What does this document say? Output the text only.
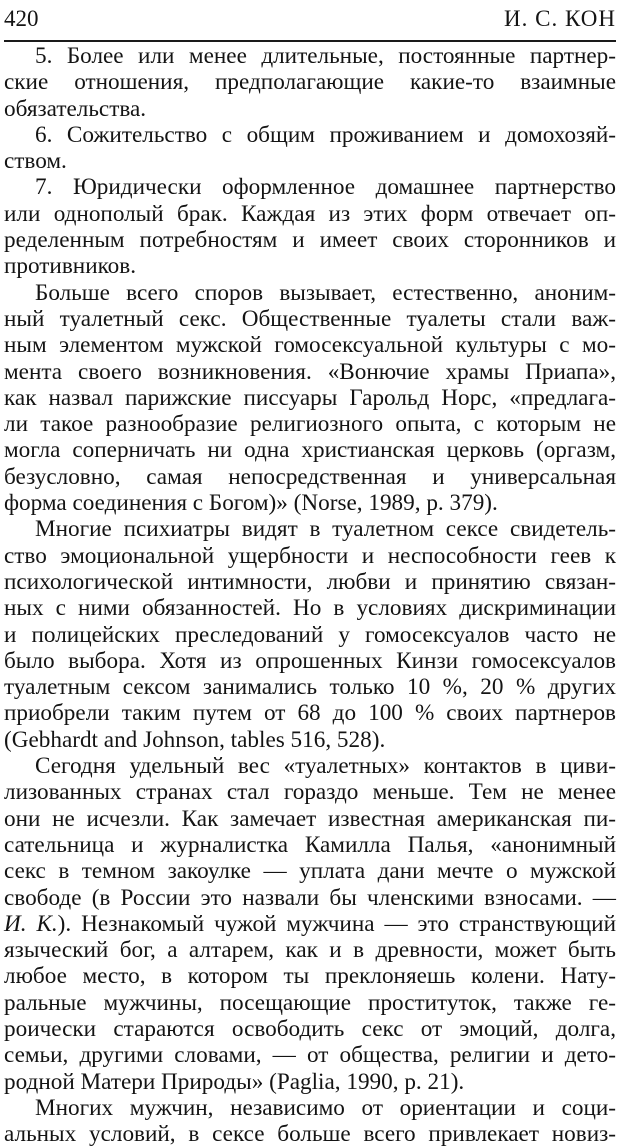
420	И. С. КОН
5. Более или менее длительные, постоянные партнер-
ские отношения, предполагающие какие-то взаимные
обязательства.
6. Сожительство с общим проживанием и домохозяй-
ством.
7. Юридически оформленное домашнее партнерство
или однополый брак. Каждая из этих форм отвечает оп-
ределенным потребностям и имеет своих сторонников и
противников.
Больше всего споров вызывает, естественно, аноним-
ный туалетный секс. Общественные туалеты стали важ-
ным элементом мужской гомосексуальной культуры с мо-
мента своего возникновения. «Вонючие храмы Приапа»,
как назвал парижские писсуары Гарольд Норс, «предлага-
ли такое разнообразие религиозного опыта, с которым не
могла соперничать ни одна христианская церковь (оргазм,
безусловно, самая непосредственная и универсальная
форма соединения с Богом)» (Norse, 1989, p. 379).
Многие психиатры видят в туалетном сексе свидетель-
ство эмоциональной ущербности и неспособности геев к
психологической интимности, любви и принятию связан-
ных с ними обязанностей. Но в условиях дискриминации
и полицейских преследований у гомосексуалов часто не
было выбора. Хотя из опрошенных Кинзи гомосексуалов
туалетным сексом занимались только 10 %, 20 % других
приобрели таким путем от 68 до 100 % своих партнеров
(Gebhardt and Johnson, tables 516, 528).
Сегодня удельный вес «туалетных» контактов в циви-
лизованных странах стал гораздо меньше. Тем не менее
они не исчезли. Как замечает известная американская пи-
сательница и журналистка Камилла Палья, «анонимный
секс в темном закоулке — уплата дани мечте о мужской
свободе (в России это назвали бы членскими взносами. —
И. К.). Незнакомый чужой мужчина — это странствующий
языческий бог, а алтарем, как и в древности, может быть
любое место, в котором ты преклоняешь колени. Нату-
ральные мужчины, посещающие проституток, также ге-
роически стараются освободить секс от эмоций, долга,
семьи, другими словами, — от общества, религии и дето-
родной Матери Природы» (Paglia, 1990, p. 21).
Многих мужчин, независимо от ориентации и соци-
альных условий, в сексе больше всего привлекает новиз-
